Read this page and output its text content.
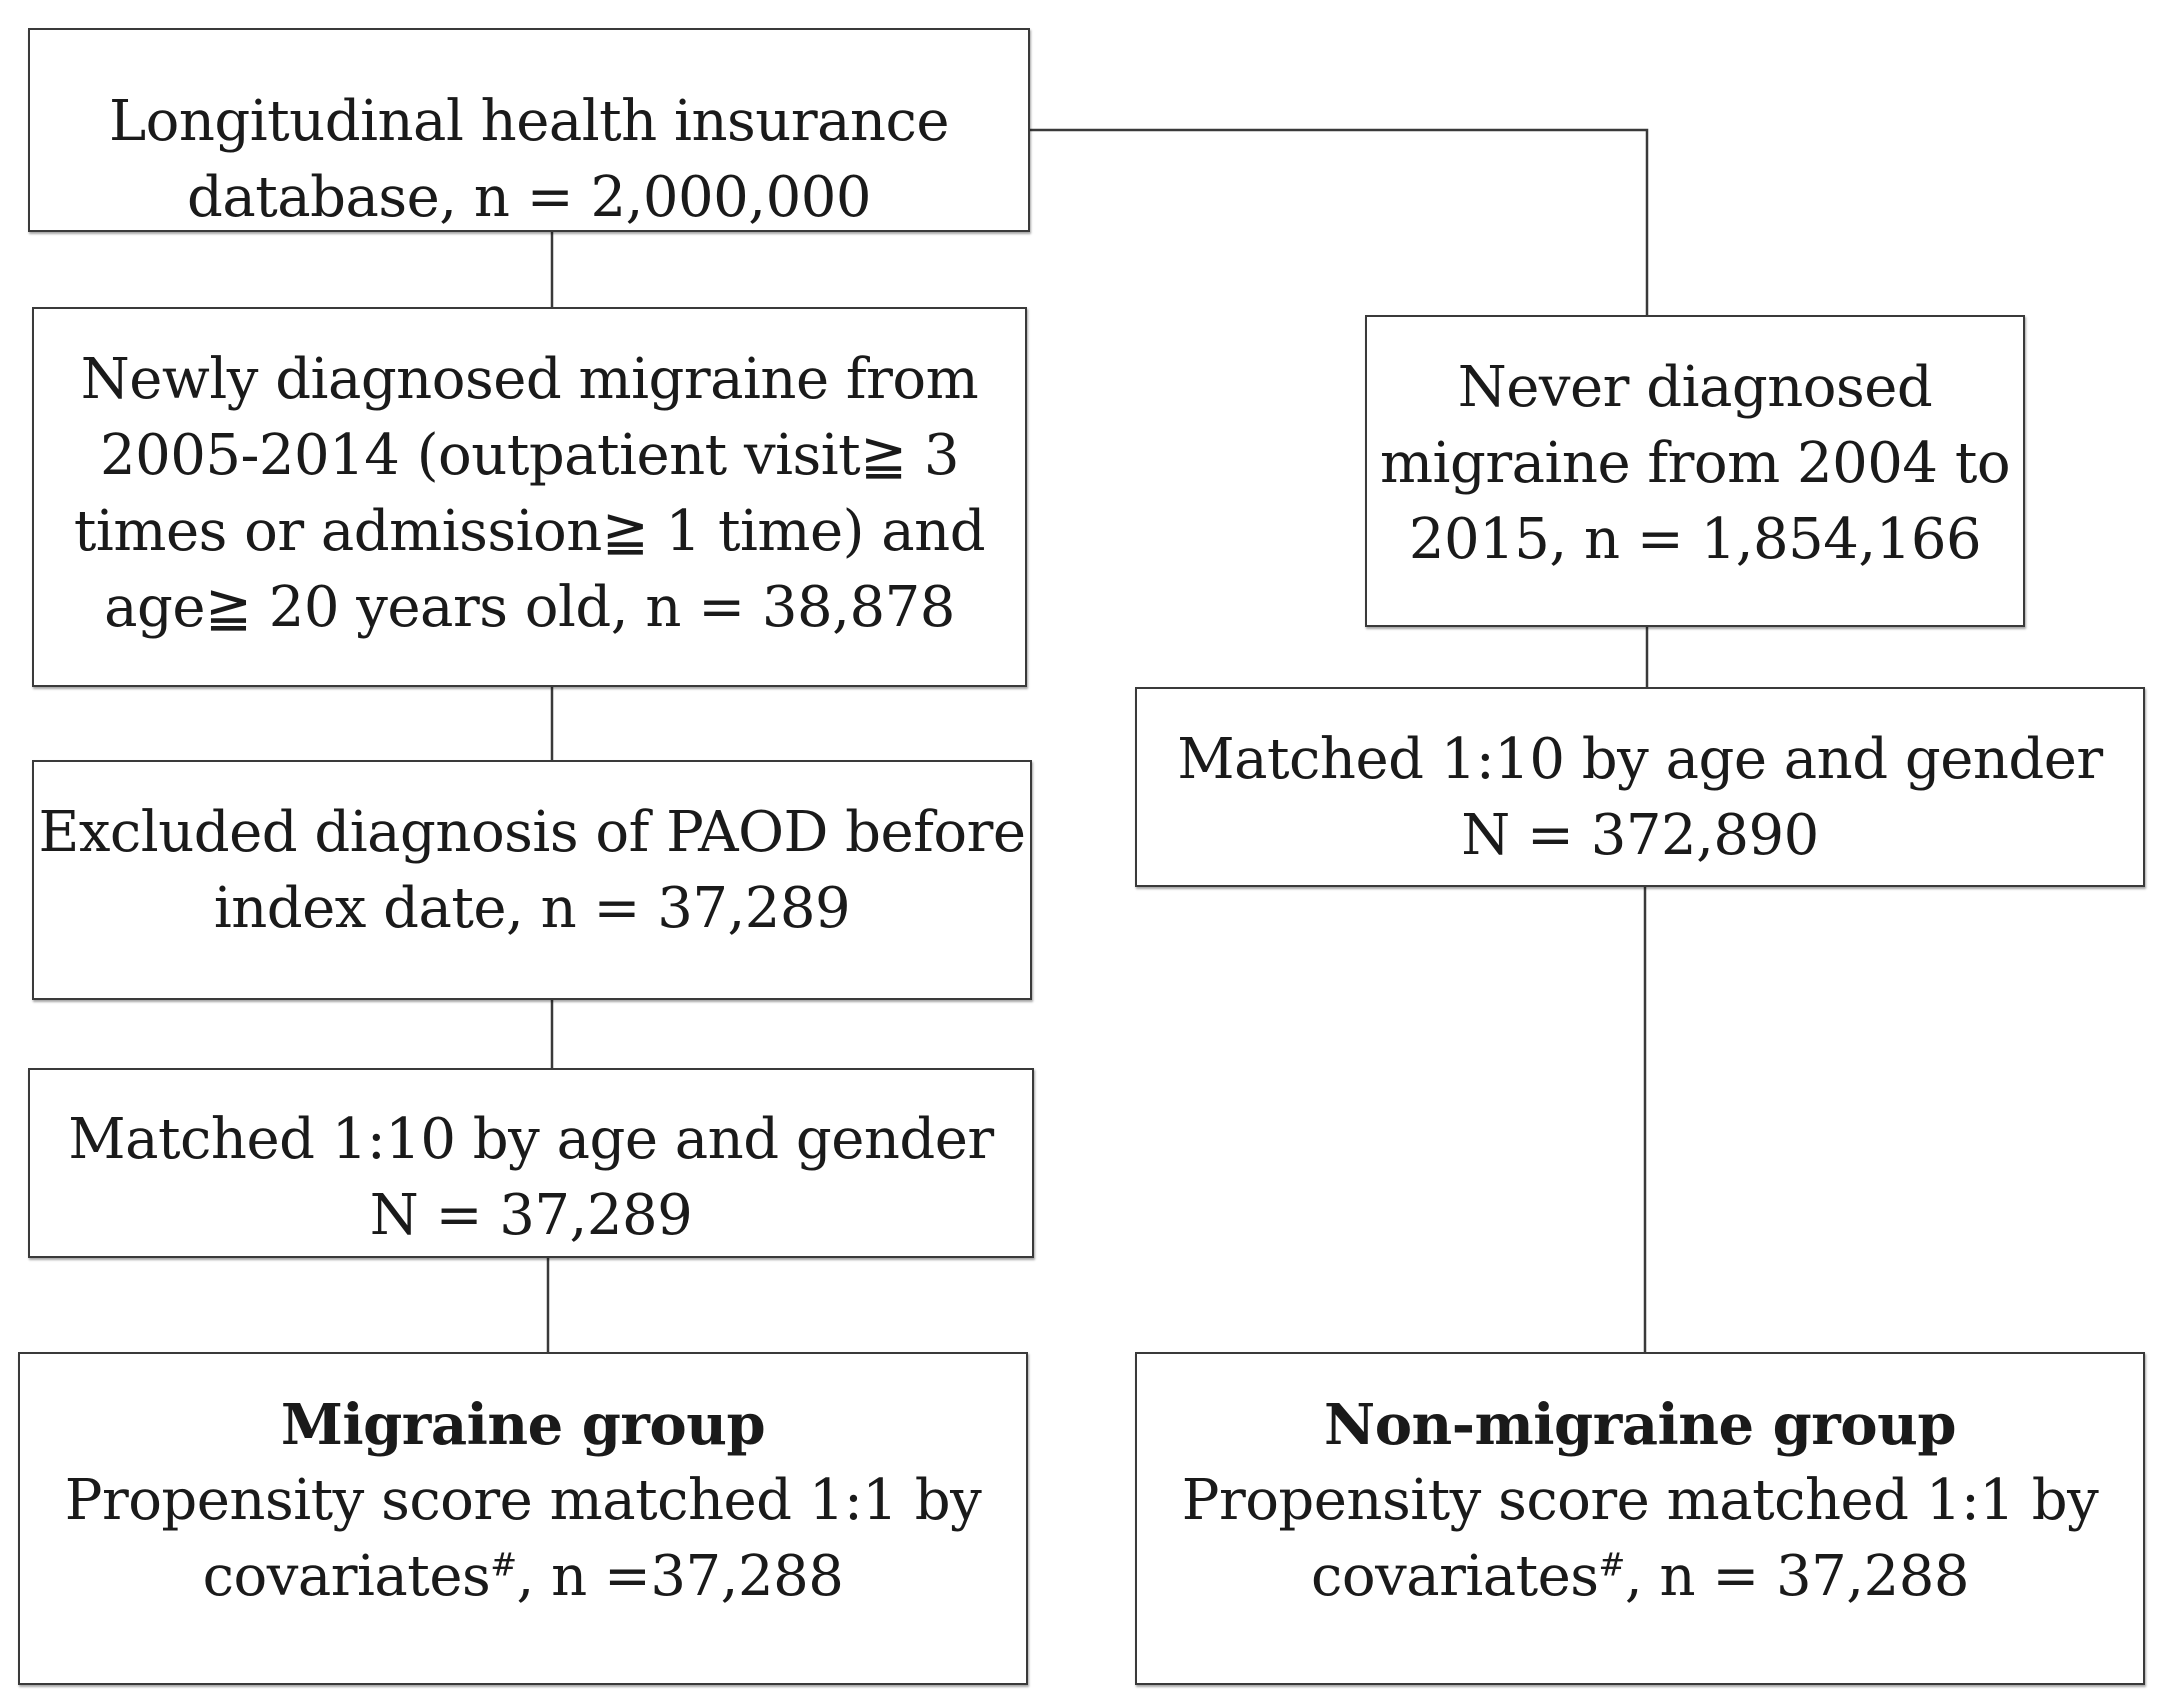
Longitudinal health insurance
database, n = 2,000,000
Newly diagnosed migraine from
2005-2014 (outpatient visit≧ 3
times or admission≧ 1 time) and
age≧ 20 years old, n = 38,878
Excluded diagnosis of PAOD before
index date, n = 37,289
Matched 1:10 by age and gender
N = 37,289
Migraine group
Propensity score matched 1:1 by
covariates#, n =37,288
Never diagnosed
migraine from 2004 to
2015, n = 1,854,166
Matched 1:10 by age and gender
N = 372,890
Non-migraine group
Propensity score matched 1:1 by
covariates#, n = 37,288
